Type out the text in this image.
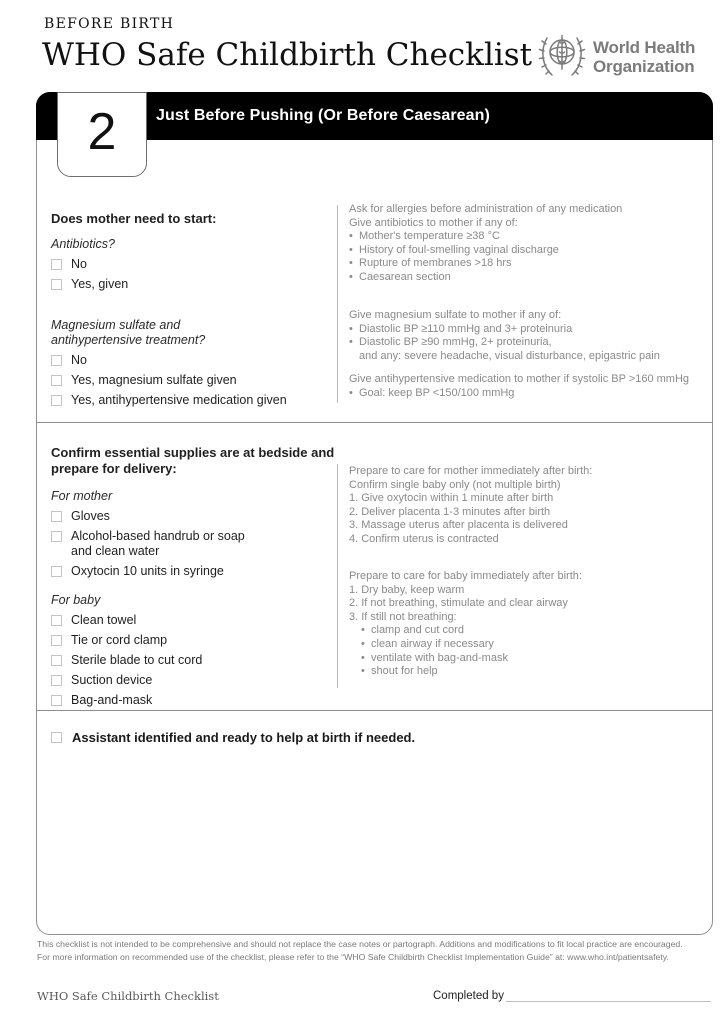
BEFORE BIRTH
WHO Safe Childbirth Checklist	World Health
Organization
Just Before Pushing (Or Before Caesarean)
2
Does mother need to start:
Antibiotics?
No
Yes, given
Magnesium sulfate and
antihypertensive treatment?
No
Yes, magnesium sulfate given
Yes, antihypertensive medication given
Ask for allergies before administration of any medication
Give antibiotics to mother if any of:
• Mother's temperature ≥38 °C
• History of foul-smelling vaginal discharge
• Rupture of membranes >18 hrs
• Caesarean section
Give magnesium sulfate to mother if any of:
• Diastolic BP ≥110 mmHg and 3+ proteinuria
• Diastolic BP ≥90 mmHg, 2+ proteinuria,
and any: severe headache, visual disturbance, epigastric pain
Give antihypertensive medication to mother if systolic BP >160 mmHg
• Goal: keep BP <150/100 mmHg
Confirm essential supplies are at bedside and
prepare for delivery:
For mother
Gloves
Alcohol-based handrub or soap and clean water
Oxytocin 10 units in syringe
For baby
Clean towel
Tie or cord clamp
Sterile blade to cut cord
Suction device
Bag-and-mask
Prepare to care for mother immediately after birth:
Confirm single baby only (not multiple birth)
1. Give oxytocin within 1 minute after birth
2. Deliver placenta 1-3 minutes after birth
3. Massage uterus after placenta is delivered
4. Confirm uterus is contracted
Prepare to care for baby immediately after birth:
1. Dry baby, keep warm
2. If not breathing, stimulate and clear airway
3. If still not breathing:
• clamp and cut cord
• clean airway if necessary
• ventilate with bag-and-mask
• shout for help
Assistant identified and ready to help at birth if needed.
This checklist is not intended to be comprehensive and should not replace the case notes or partograph. Additions and modifications to fit local practice are encouraged.
For more information on recommended use of the checklist, please refer to the “WHO Safe Childbirth Checklist Implementation Guide” at: www.who.int/patientsafety.
WHO Safe Childbirth Checklist	Completed by
